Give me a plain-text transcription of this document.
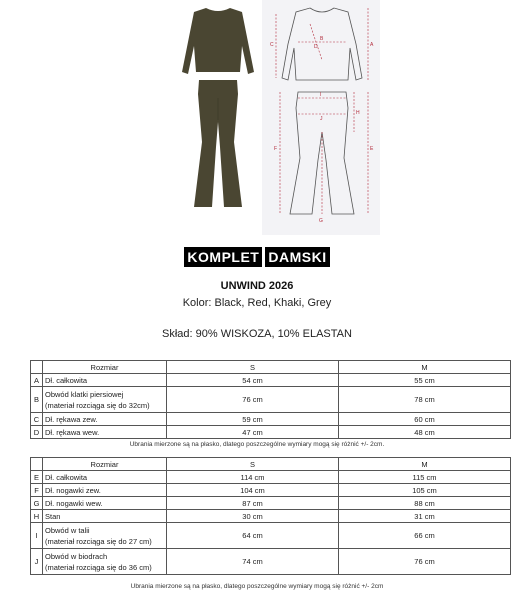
A
B
C	D
E
F
G
H
I
J
KOMPLET DAMSKI
UNWIND 2026
Kolor: Black, Red, Khaki, Grey
Skład: 90% WISKOZA, 10% ELASTAN
	Rozmiar	S	M
A	Dł. całkowita	54 cm	55 cm
B	Obwód klatki piersiowej
(materiał rozciąga się do 32cm)	76 cm	78 cm
C	Dł. rękawa zew.	59 cm	60 cm
D	Dł. rękawa wew.	47 cm	48 cm
Ubrania mierzone są na płasko, dlatego poszczególne wymiary mogą się różnić +/- 2cm.
	Rozmiar	S	M
E	Dł. całkowita	114 cm	115 cm
F	Dł. nogawki zew.	104 cm	105 cm
G	Dł. nogawki wew.	87 cm	88 cm
H	Stan	30 cm	31 cm
I	Obwód w talii
(materiał rozciąga się do 27 cm)	64 cm	66 cm
J	Obwód w biodrach
(materiał rozciąga się do 36 cm)	74 cm	76 cm
Ubrania mierzone są na płasko, dlatego poszczególne wymiary mogą się różnić +/- 2cm
